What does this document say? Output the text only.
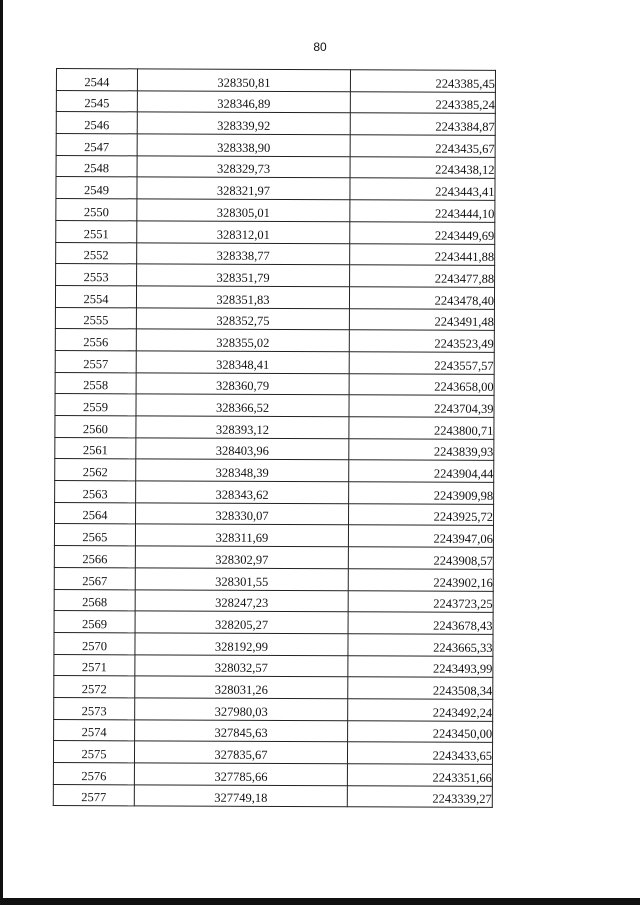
80
2544	328350,81	2243385,45
2545	328346,89	2243385,24
2546	328339,92	2243384,87
2547	328338,90	2243435,67
2548	328329,73	2243438,12
2549	328321,97	2243443,41
2550	328305,01	2243444,10
2551	328312,01	2243449,69
2552	328338,77	2243441,88
2553	328351,79	2243477,88
2554	328351,83	2243478,40
2555	328352,75	2243491,48
2556	328355,02	2243523,49
2557	328348,41	2243557,57
2558	328360,79	2243658,00
2559	328366,52	2243704,39
2560	328393,12	2243800,71
2561	328403,96	2243839,93
2562	328348,39	2243904,44
2563	328343,62	2243909,98
2564	328330,07	2243925,72
2565	328311,69	2243947,06
2566	328302,97	2243908,57
2567	328301,55	2243902,16
2568	328247,23	2243723,25
2569	328205,27	2243678,43
2570	328192,99	2243665,33
2571	328032,57	2243493,99
2572	328031,26	2243508,34
2573	327980,03	2243492,24
2574	327845,63	2243450,00
2575	327835,67	2243433,65
2576	327785,66	2243351,66
2577	327749,18	2243339,27
